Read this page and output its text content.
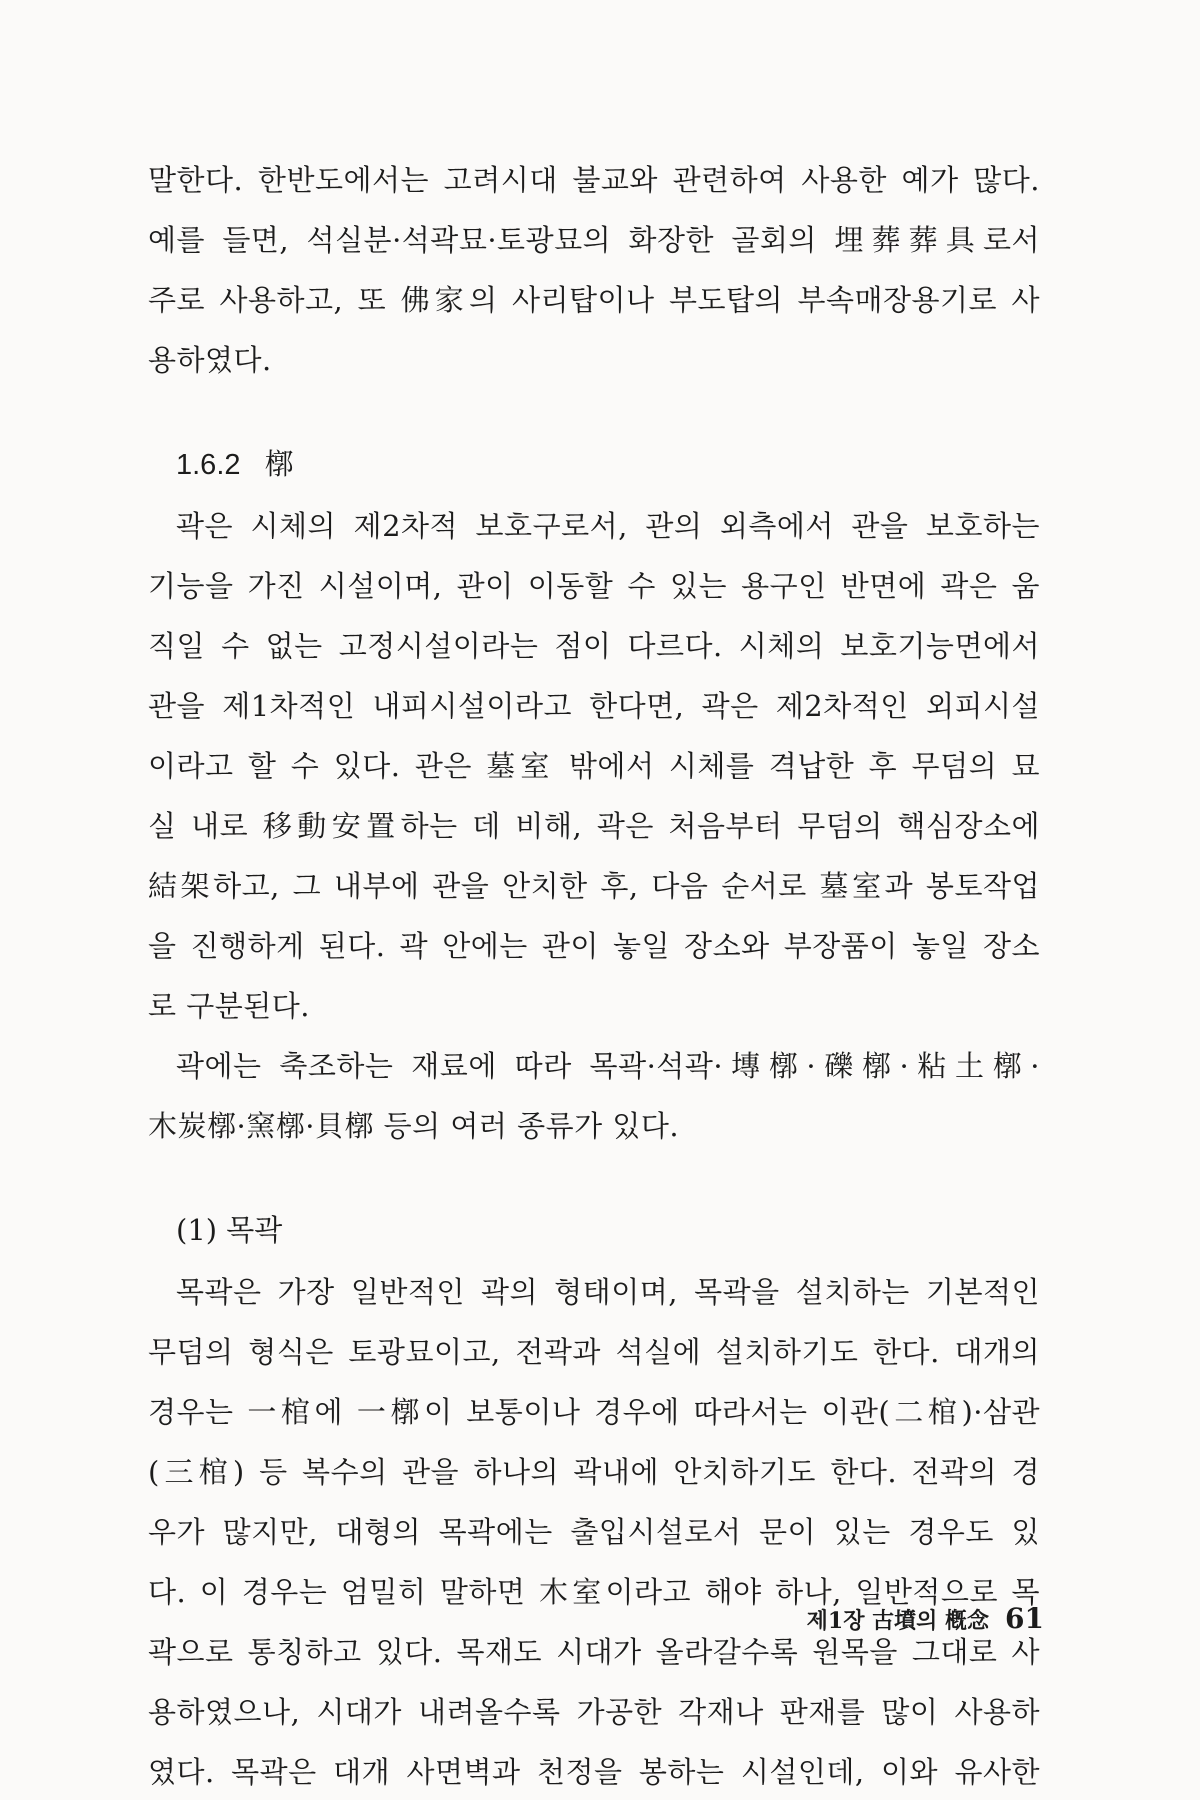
말한다. 한반도에서는 고려시대 불교와 관련하여 사용한 예가 많다.
예를 들면, 석실분·석곽묘·토광묘의 화장한 골회의 埋葬葬具로서
주로 사용하고, 또 佛家의 사리탑이나 부도탑의 부속매장용기로 사
용하였다.
1.6.2 槨
곽은 시체의 제2차적 보호구로서, 관의 외측에서 관을 보호하는
기능을 가진 시설이며, 관이 이동할 수 있는 용구인 반면에 곽은 움
직일 수 없는 고정시설이라는 점이 다르다. 시체의 보호기능면에서
관을 제1차적인 내피시설이라고 한다면, 곽은 제2차적인 외피시설
이라고 할 수 있다. 관은 墓室 밖에서 시체를 격납한 후 무덤의 묘
실 내로 移動安置하는 데 비해, 곽은 처음부터 무덤의 핵심장소에
結架하고, 그 내부에 관을 안치한 후, 다음 순서로 墓室과 봉토작업
을 진행하게 된다. 곽 안에는 관이 놓일 장소와 부장품이 놓일 장소
로 구분된다.
곽에는 축조하는 재료에 따라 목곽·석곽·塼槨·礫槨·粘土槨·
木炭槨·窯槨·貝槨 등의 여러 종류가 있다.
(1) 목곽
목곽은 가장 일반적인 곽의 형태이며, 목곽을 설치하는 기본적인
무덤의 형식은 토광묘이고, 전곽과 석실에 설치하기도 한다. 대개의
경우는 一棺에 一槨이 보통이나 경우에 따라서는 이관(二棺)·삼관
(三棺) 등 복수의 관을 하나의 곽내에 안치하기도 한다. 전곽의 경
우가 많지만, 대형의 목곽에는 출입시설로서 문이 있는 경우도 있
다. 이 경우는 엄밀히 말하면 木室이라고 해야 하나, 일반적으로 목
곽으로 통칭하고 있다. 목재도 시대가 올라갈수록 원목을 그대로 사
용하였으나, 시대가 내려올수록 가공한 각재나 판재를 많이 사용하
였다. 목곽은 대개 사면벽과 천정을 봉하는 시설인데, 이와 유사한
제1장 古墳의 槪念 61
